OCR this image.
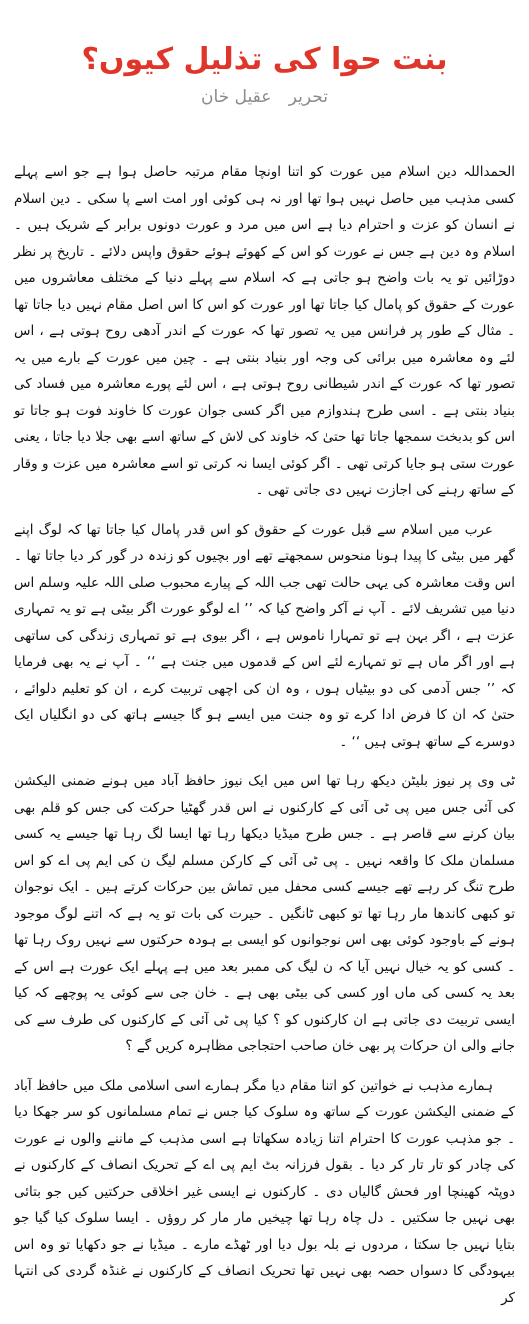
بنت حوا کی تذلیل کیوں؟
تحریر عقیل خان

الحمداللہ دین اسلام میں عورت کو اتنا اونچا مقام مرتبہ حاصل ہوا ہے جو اسے پہلے کسی مذہب میں حاصل نہیں ہوا تھا اور نہ ہی کوئی اور امت اسے پا سکی ۔ دین اسلام نے انسان کو عزت و احترام دیا ہے اس میں مرد و عورت دونوں برابر کے شریک ہیں ۔ اسلام وہ دین ہے جس نے عورت کو اس کے کھوئے ہوئے حقوق واپس دلائے ۔ تاریخ پر نظر دوڑائیں تو یہ بات واضح ہو جاتی ہے کہ اسلام سے پہلے دنیا کے مختلف معاشروں میں عورت کے حقوق کو پامال کیا جاتا تھا اور عورت کو اس کا اس اصل مقام نہیں دیا جاتا تھا ۔ مثال کے طور پر فرانس میں یہ تصور تھا کہ عورت کے اندر آدھی روح ہوتی ہے ، اس لئے وہ معاشرہ میں برائی کی وجہ اور بنیاد بنتی ہے ۔ چین میں عورت کے بارے میں یہ تصور تھا کہ عورت کے اندر شیطانی روح ہوتی ہے ، اس لئے پورے معاشرہ میں فساد کی بنیاد بنتی ہے ۔ اسی طرح ہندوازم میں اگر کسی جوان عورت کا خاوند فوت ہو جاتا تو اس کو بدبخت سمجھا جاتا تھا حتیٰ کہ خاوند کی لاش کے ساتھ اسے بھی جلا دیا جاتا ، یعنی عورت ستی ہو جایا کرتی تھی ۔ اگر کوئی ایسا نہ کرتی تو اسے معاشرہ میں عزت و وقار کے ساتھ رہنے کی اجازت نہیں دی جاتی تھی ۔

عرب میں اسلام سے قبل عورت کے حقوق کو اس قدر پامال کیا جاتا تھا کہ لوگ اپنے گھر میں بیٹی کا پیدا ہونا منحوس سمجھتے تھے اور بچیوں کو زندہ در گور کر دیا جاتا تھا ۔ اس وقت معاشرہ کی یہی حالت تھی جب اللہ کے پیارے محبوب صلی اللہ علیہ وسلم اس دنیا میں تشریف لائے ۔ آپ نے آکر واضح کیا کہ ’’ اے لوگو عورت اگر بیٹی ہے تو یہ تمہاری عزت ہے ، اگر بہن ہے تو تمہارا ناموس ہے ، اگر بیوی ہے تو تمہاری زندگی کی ساتھی ہے اور اگر ماں ہے تو تمہارے لئے اس کے قدموں میں جنت ہے ‘‘ ۔ آپ نے یہ بھی فرمایا کہ ’’ جس آدمی کی دو بیٹیاں ہوں ، وہ ان کی اچھی تربیت کرے ، ان کو تعلیم دلوائے ، حتیٰ کہ ان کا فرض ادا کرے تو وہ جنت میں ایسے ہو گا جیسے ہاتھ کی دو انگلیاں ایک دوسرے کے ساتھ ہوتی ہیں ‘‘ ۔

ٹی وی پر نیوز بلیٹن دیکھ رہا تھا اس میں ایک نیوز حافظ آباد میں ہونے ضمنی الیکشن کی آئی جس میں پی ٹی آئی کے کارکنوں نے اس قدر گھٹیا حرکت کی جس کو قلم بھی بیان کرنے سے قاصر ہے ۔ جس طرح میڈیا دیکھا رہا تھا ایسا لگ رہا تھا جیسے یہ کسی مسلمان ملک کا واقعہ نہیں ۔ پی ٹی آئی کے کارکن مسلم لیگ ن کی ایم پی اے کو اس طرح تنگ کر رہے تھے جیسے کسی محفل میں تماش بین حرکات کرتے ہیں ۔ ایک نوجوان تو کبھی کاندھا مار رہا تھا تو کبھی ٹانگیں ۔ حیرت کی بات تو یہ ہے کہ اتنے لوگ موجود ہونے کے باوجود کوئی بھی اس نوجوانوں کو ایسی بے ہودہ حرکتوں سے نہیں روک رہا تھا ۔ کسی کو یہ خیال نہیں آیا کہ ن لیگ کی ممبر بعد میں ہے پہلے ایک عورت ہے اس کے بعد یہ کسی کی ماں اور کسی کی بیٹی بھی ہے ۔ خان جی سے کوئی یہ پوچھے کہ کیا ایسی تربیت دی جاتی ہے ان کارکنوں کو ؟ کیا پی ٹی آئی کے کارکنوں کی طرف سے کی جانے والی ان حرکات پر بھی خان صاحب احتجاجی مظاہرہ کریں گے ؟

ہمارے مذہب نے خواتین کو اتنا مقام دیا مگر ہمارے اسی اسلامی ملک میں حافظ آباد کے ضمنی الیکشن عورت کے ساتھ وہ سلوک کیا جس نے تمام مسلمانوں کو سر جھکا دیا ۔ جو مذہب عورت کا احترام اتنا زیادہ سکھاتا ہے اسی مذہب کے ماننے والوں نے عورت کی چادر کو تار تار کر دیا ۔ بقول فرزانہ بٹ ایم پی اے کے تحریک انصاف کے کارکنوں نے دوپٹہ کھینچا اور فحش گالیاں دی ۔ کارکنوں نے ایسی غیر اخلاقی حرکتیں کیں جو بتائی بھی نہیں جا سکتیں ۔ دل چاہ رہا تھا چیخیں مار مار کر روؤں ۔ ایسا سلوک کیا گیا جو بتایا نہیں جا سکتا ، مردوں نے بلہ بول دیا اور ٹھڈے مارے ۔ میڈیا نے جو دکھایا تو وہ اس بیہودگی کا دسواں حصہ بھی نہیں تھا تحریک انصاف کے کارکنوں نے غنڈہ گردی کی انتہا کر
